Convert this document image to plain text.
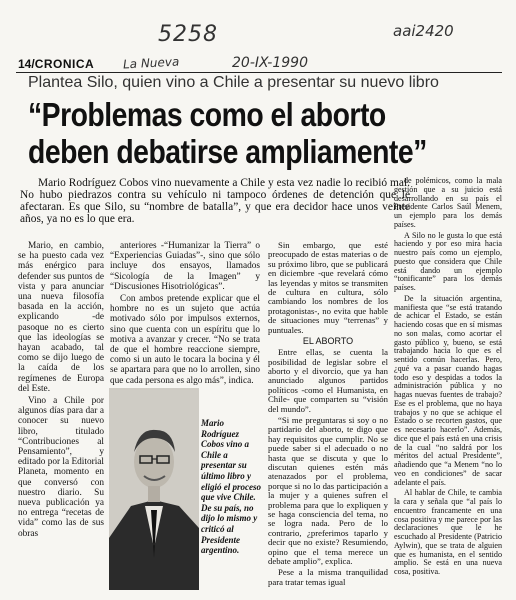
5258	aai2420
20-IX-1990
La Nueva
14/CRONICA
Plantea Silo, quien vino a Chile a presentar su nuevo libro
“Problemas como el aborto
deben debatirse ampliamente”
Mario Rodríguez Cobos vino nuevamente a Chile y esta vez nadie lo recibió mal. No hubo piedrazos contra su vehículo ni tampoco órdenes de detención que le afectaran. Es que Silo, su “nombre de batalla”, y que era decidor hace unos veinte años, ya no es lo que era.

Mario, en cambio, se ha puesto cada vez más enérgico para defender sus puntos de vista y para anunciar una nueva filosofía basada en la acción, explicando -de pasoque no es cierto que las ideologías se hayan acabado, tal como se dijo luego de la caída de los regímenes de Europa del Este.

Vino a Chile por algunos días para dar a conocer su nuevo libro, titulado “Contribuciones al Pensamiento”, y editado por la Editorial Planeta, momento en que conversó con nuestro diario. Su nueva publicación ya no entrega “recetas de vida” como las de sus obras

anteriores -“Humanizar la Tierra” o “Experiencias Guiadas”-, sino que sólo incluye dos ensayos, llamados “Sicología de la Imagen” y “Discusiones Hisotriológicas”.

Con ambos pretende explicar que el hombre no es un sujeto que actúa motivado sólo por impulsos externos, sino que cuenta con un espíritu que lo motiva a avanzar y crecer. “No se trata de que el hombre reaccione siempre, como si un auto le tocara la bocina y él se apartara para que no lo arrollen, sino que cada persona es algo más”, indica.

Mario Rodríguez Cobos vino a Chile a presentar su último libro y eligió el proceso que vive Chile. De su país, no dijo lo mismo y criticó al Presidente argentino.

Sin embargo, que esté preocupado de estas materias o de su próximo libro, que se publicará en diciembre -que revelará cómo las leyendas y mitos se transmiten de cultura en cultura, sólo cambiando los nombres de los protagonistas-, no evita que hable de situaciones muy “terrenas” y puntuales.

EL ABORTO

Entre ellas, se cuenta la posibilidad de legislar sobre el aborto y el divorcio, que ya han anunciado algunos partidos políticos -como el Humanista, en Chile- que comparten su “visión del mundo”.

“Si me preguntaras si soy o no partidario del aborto, te digo que hay requisitos que cumplir. No se puede saber si el adecuado o no hasta que se discuta y que lo discutan quienes estén más atenazados por el problema, porque si no lo das participación a la mujer y a quienes sufren el problema para que lo expliquen y se haga consciencia del tema, no se logra nada. Pero de lo contrario, ¿preferimos taparlo y decir que no existe? Resumiendo, opino que el tema merece un debate amplio”, explica.

Pese a la misma tranquilidad para tratar temas igual

de polémicos, como la mala gestión que a su juicio está desarrollando en su país el Presidente Carlos Saúl Menem, un ejemplo para los demás países.

A Silo no le gusta lo que está haciendo y por eso mira hacia nuestro país como un ejemplo, puesto que considera que Chile está dando un ejemplo “tonificante” para los demás países.

De la situación argentina, manifiesta que “se está tratando de achicar el Estado, se están haciendo cosas que en sí mismas no son malas, como acortar el gasto público y, bueno, se está trabajando hacia lo que es el sentido común hacerlas. Pero, ¿qué va a pasar cuando hagas todo eso y despidas a todos la administración pública y no hagas nuevas fuentes de trabajo? Ese es el problema, que no haya trabajos y no que se achique el Estado o se recorten gastos, que es necesario hacerlo”. Además, dice que el país está en una crisis de la cual “no saldrá por los méritos del actual Presidente”, añadiendo que “a Menem “no lo veo en condiciones” de sacar adelante el país.

Al hablar de Chile, te cambia la cara y señala que “al país lo encuentro francamente en una cosa positiva y me parece por las declaraciones que le he escuchado al Presidente (Patricio Aylwin), que se trata de alguien que es humanista, en el sentido amplio. Se está en una nueva cosa, positiva.
